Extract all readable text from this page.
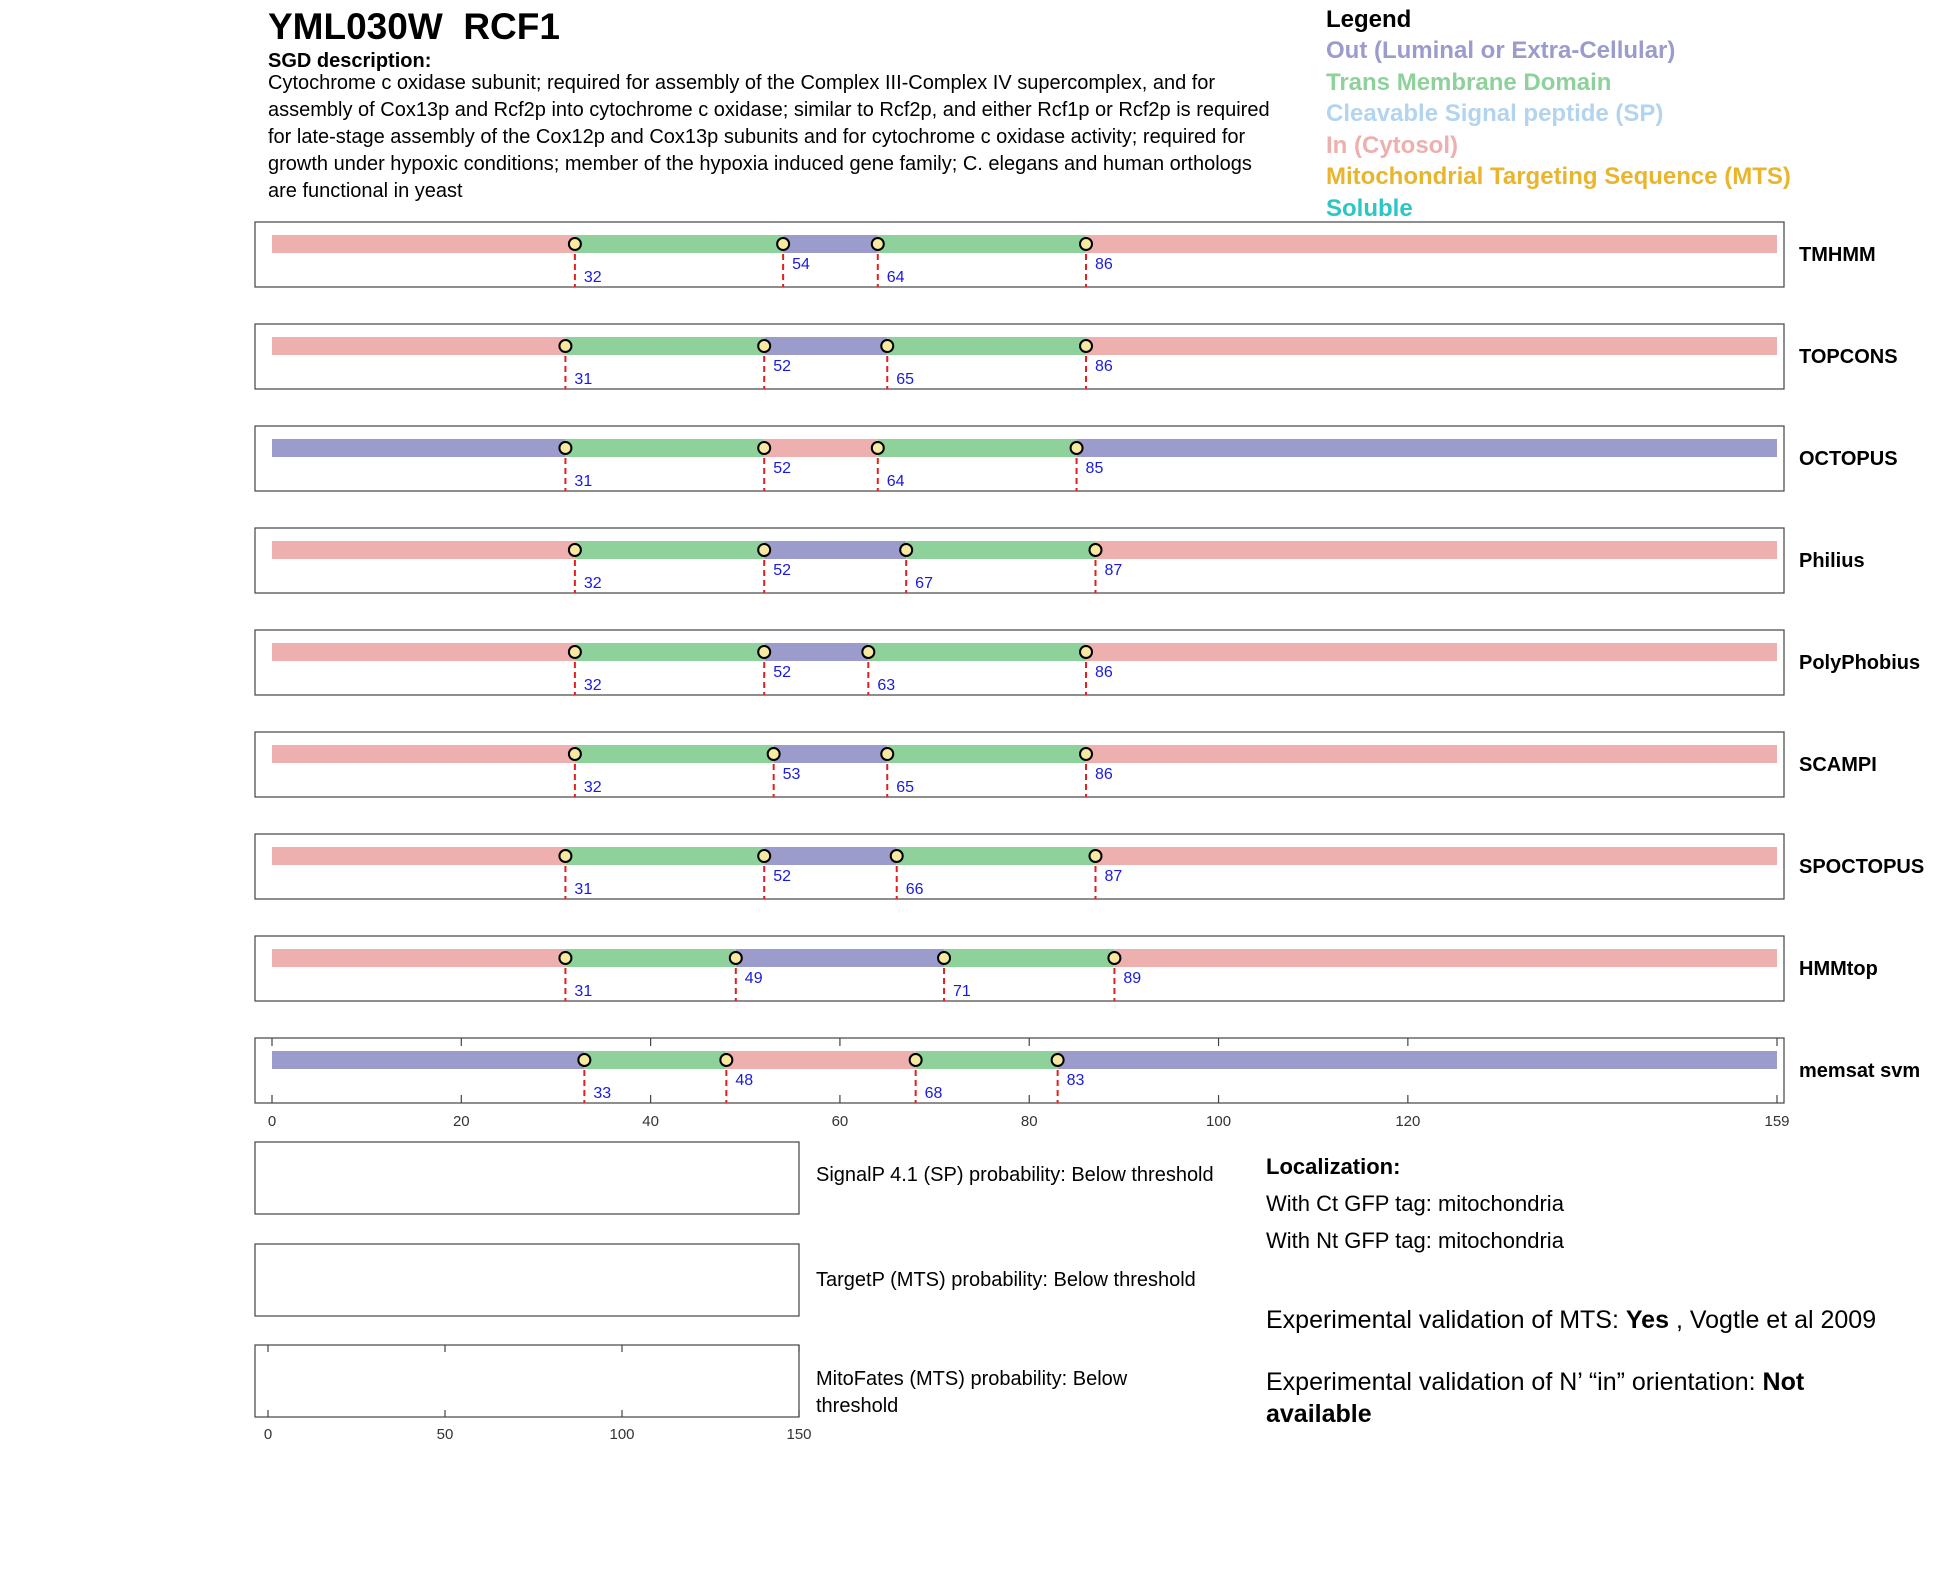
YML030W  RCF1
SGD description:

Cytochrome c oxidase subunit; required for assembly of the Complex III-Complex IV supercomplex, and for assembly of Cox13p and Rcf2p into cytochrome c oxidase; similar to Rcf2p, and either Rcf1p or Rcf2p is required for late-stage assembly of the Cox12p and Cox13p subunits and for cytochrome c oxidase activity; required for growth under hypoxic conditions; member of the hypoxia induced gene family; C. elegans and human orthologs are functional in yeast

Legend
Out (Luminal or Extra-Cellular)
Trans Membrane Domain
Cleavable Signal peptide (SP)
In (Cytosol)
Mitochondrial Targeting Sequence (MTS)
Soluble
32
54
64
86	TMHMM
31
52
65
86	TOPCONS
31
52
64
85	OCTOPUS
32
52
67
87	Philius
32
52
63
86	PolyPhobius
32
53
65
86	SCAMPI
31
52
66
87	SPOCTOPUS
31
49
71
89	HMMtop
33
48
68
83	memsat svm
0	20	40	60	80	100	120	159
0	50	100	150
SignalP 4.1 (SP) probability: Below threshold
TargetP (MTS) probability: Below threshold
MitoFates (MTS) probability: Below threshold
Localization:
With Ct GFP tag: mitochondria
With Nt GFP tag: mitochondria
Experimental validation of MTS: Yes , Vogtle et al 2009
Experimental validation of N’ “in” orientation: Not available
